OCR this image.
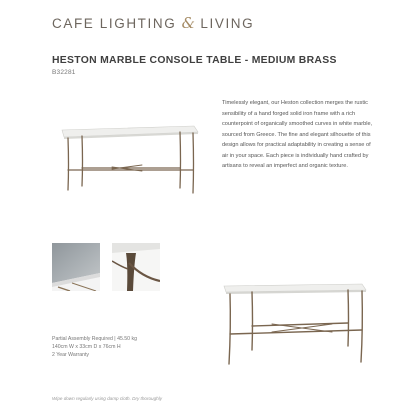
CAFE LIGHTING & LIVING
HESTON MARBLE CONSOLE TABLE - MEDIUM BRASS
B32281
Timelessly elegant, our Heston collection merges the rustic sensibility of a hand forged solid iron frame with a rich counterpoint of organically smoothed curves in white marble, sourced from Greece. The fine and elegant silhouette of this design allows for practical adaptability in creating a sense of air in your space. Each piece is individually hand crafted by artisans to reveal an imperfect and organic texture.
Partial Assembly Required | 45.50 kg
140cm W x 33cm D x 76cm H
2 Year Warranty
Wipe down regularly using damp cloth. Dry thoroughly
